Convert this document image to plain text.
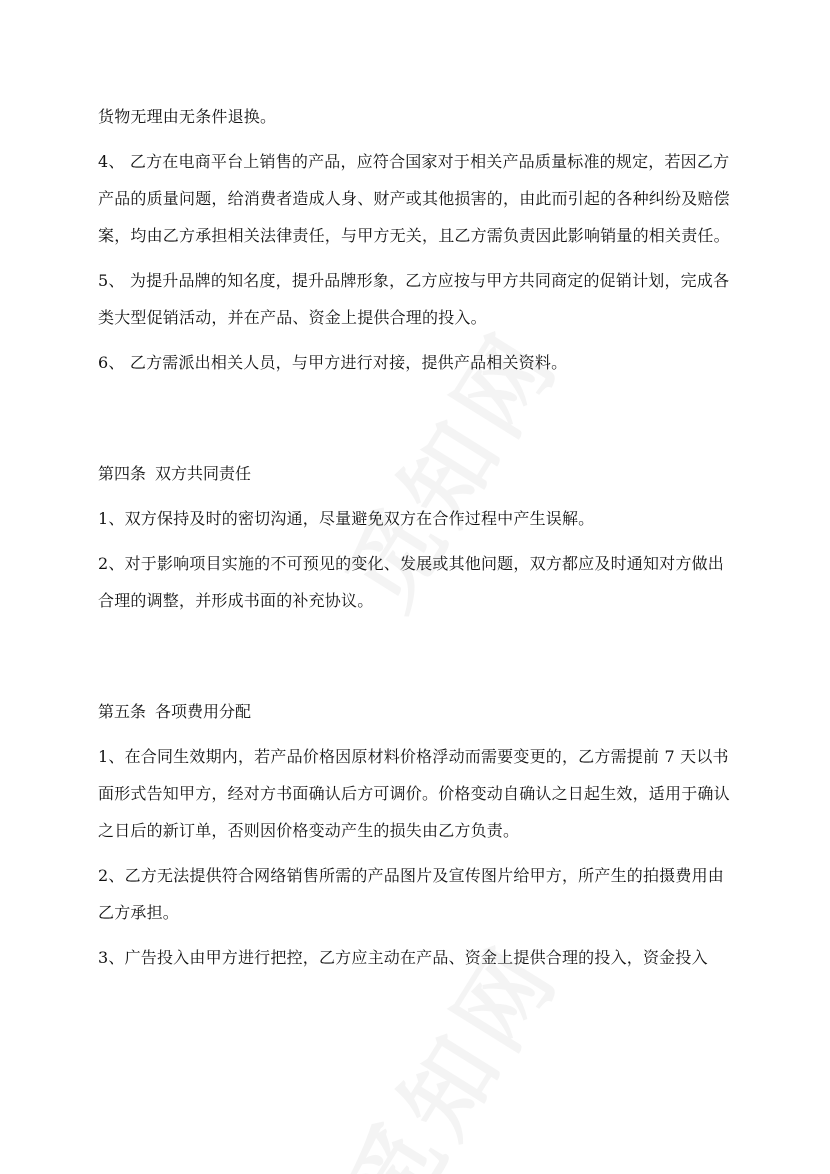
货物无理由无条件退换。

4、 乙方在电商平台上销售的产品，应符合国家对于相关产品质量标准的规定，若因乙方产品的质量问题，给消费者造成人身、财产或其他损害的，由此而引起的各种纠纷及赔偿案，均由乙方承担相关法律责任，与甲方无关，且乙方需负责因此影响销量的相关责任。

5、 为提升品牌的知名度，提升品牌形象，乙方应按与甲方共同商定的促销计划，完成各类大型促销活动，并在产品、资金上提供合理的投入。

6、 乙方需派出相关人员，与甲方进行对接，提供产品相关资料。

第四条 双方共同责任

1、双方保持及时的密切沟通，尽量避免双方在合作过程中产生误解。

2、对于影响项目实施的不可预见的变化、发展或其他问题，双方都应及时通知对方做出合理的调整，并形成书面的补充协议。

第五条 各项费用分配

1、在合同生效期内，若产品价格因原材料价格浮动而需要变更的，乙方需提前 7 天以书面形式告知甲方，经对方书面确认后方可调价。价格变动自确认之日起生效，适用于确认之日后的新订单，否则因价格变动产生的损失由乙方负责。

2、乙方无法提供符合网络销售所需的产品图片及宣传图片给甲方，所产生的拍摄费用由乙方承担。

3、广告投入由甲方进行把控，乙方应主动在产品、资金上提供合理的投入，资金投入
